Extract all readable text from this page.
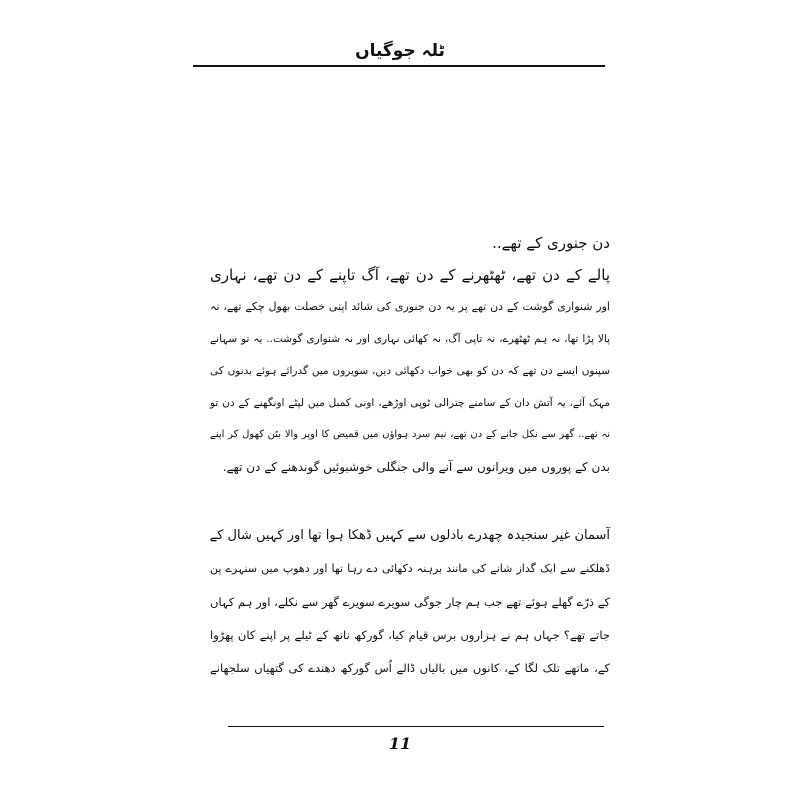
ٹلہ جوگیاں
دن جنوری کے تھے..
پالے کے دن تھے، ٹھٹھرنے کے دن تھے، آگ تاپنے کے دن تھے، نہاری
اور شنواری گوشت کے دن تھے پر یہ دن جنوری کی شائد اپنی خصلت بھول چکے تھے، نہ
پالا پڑا تھا، نہ ہم ٹھٹھرے، نہ تاپی آگ، نہ کھائی نہاری اور نہ شنواری گوشت.. یہ تو سہانے
سپنوں ایسے دن تھے کہ دن کو بھی خواب دکھائی دیں، سویروں میں گدرائے ہوئے بدنوں کی
مہک آئے، یہ آتش دان کے سامنے چترالی ٹوپی اوڑھے، اونی کمبل میں لپٹے اونگھنے کے دن تو
نہ تھے.. گھر سے نکل جانے کے دن تھے، نیم سرد ہواؤں میں قمیض کا اوپر والا بٹن کھول کر اپنے
بدن کے پوروں میں ویرانوں سے آنے والی جنگلی خوشبوئیں گوندھنے کے دن تھے.
آسمان غیر سنجیدہ چھدرے بادلوں سے کہیں ڈھکا ہوا تھا اور کہیں شال کے
ڈھلکنے سے ایک گداز شانے کی مانند برہنہ دکھائی دے رہا تھا اور دھوپ میں سنہرے پن
کے ذرّے گھلے ہوئے تھے جب ہم چار جوگی سویرے سویرے گھر سے نکلے، اور ہم کہاں
جاتے تھے؟ جہاں ہم نے ہزاروں برس قیام کیا، گورکھ ناتھ کے ٹیلے پر اپنے کان پھڑوا
کے، ماتھے تلک لگا کے، کانوں میں بالیاں ڈالے اُس گورکھ دھندے کی گتھیاں سلجھانے
11
